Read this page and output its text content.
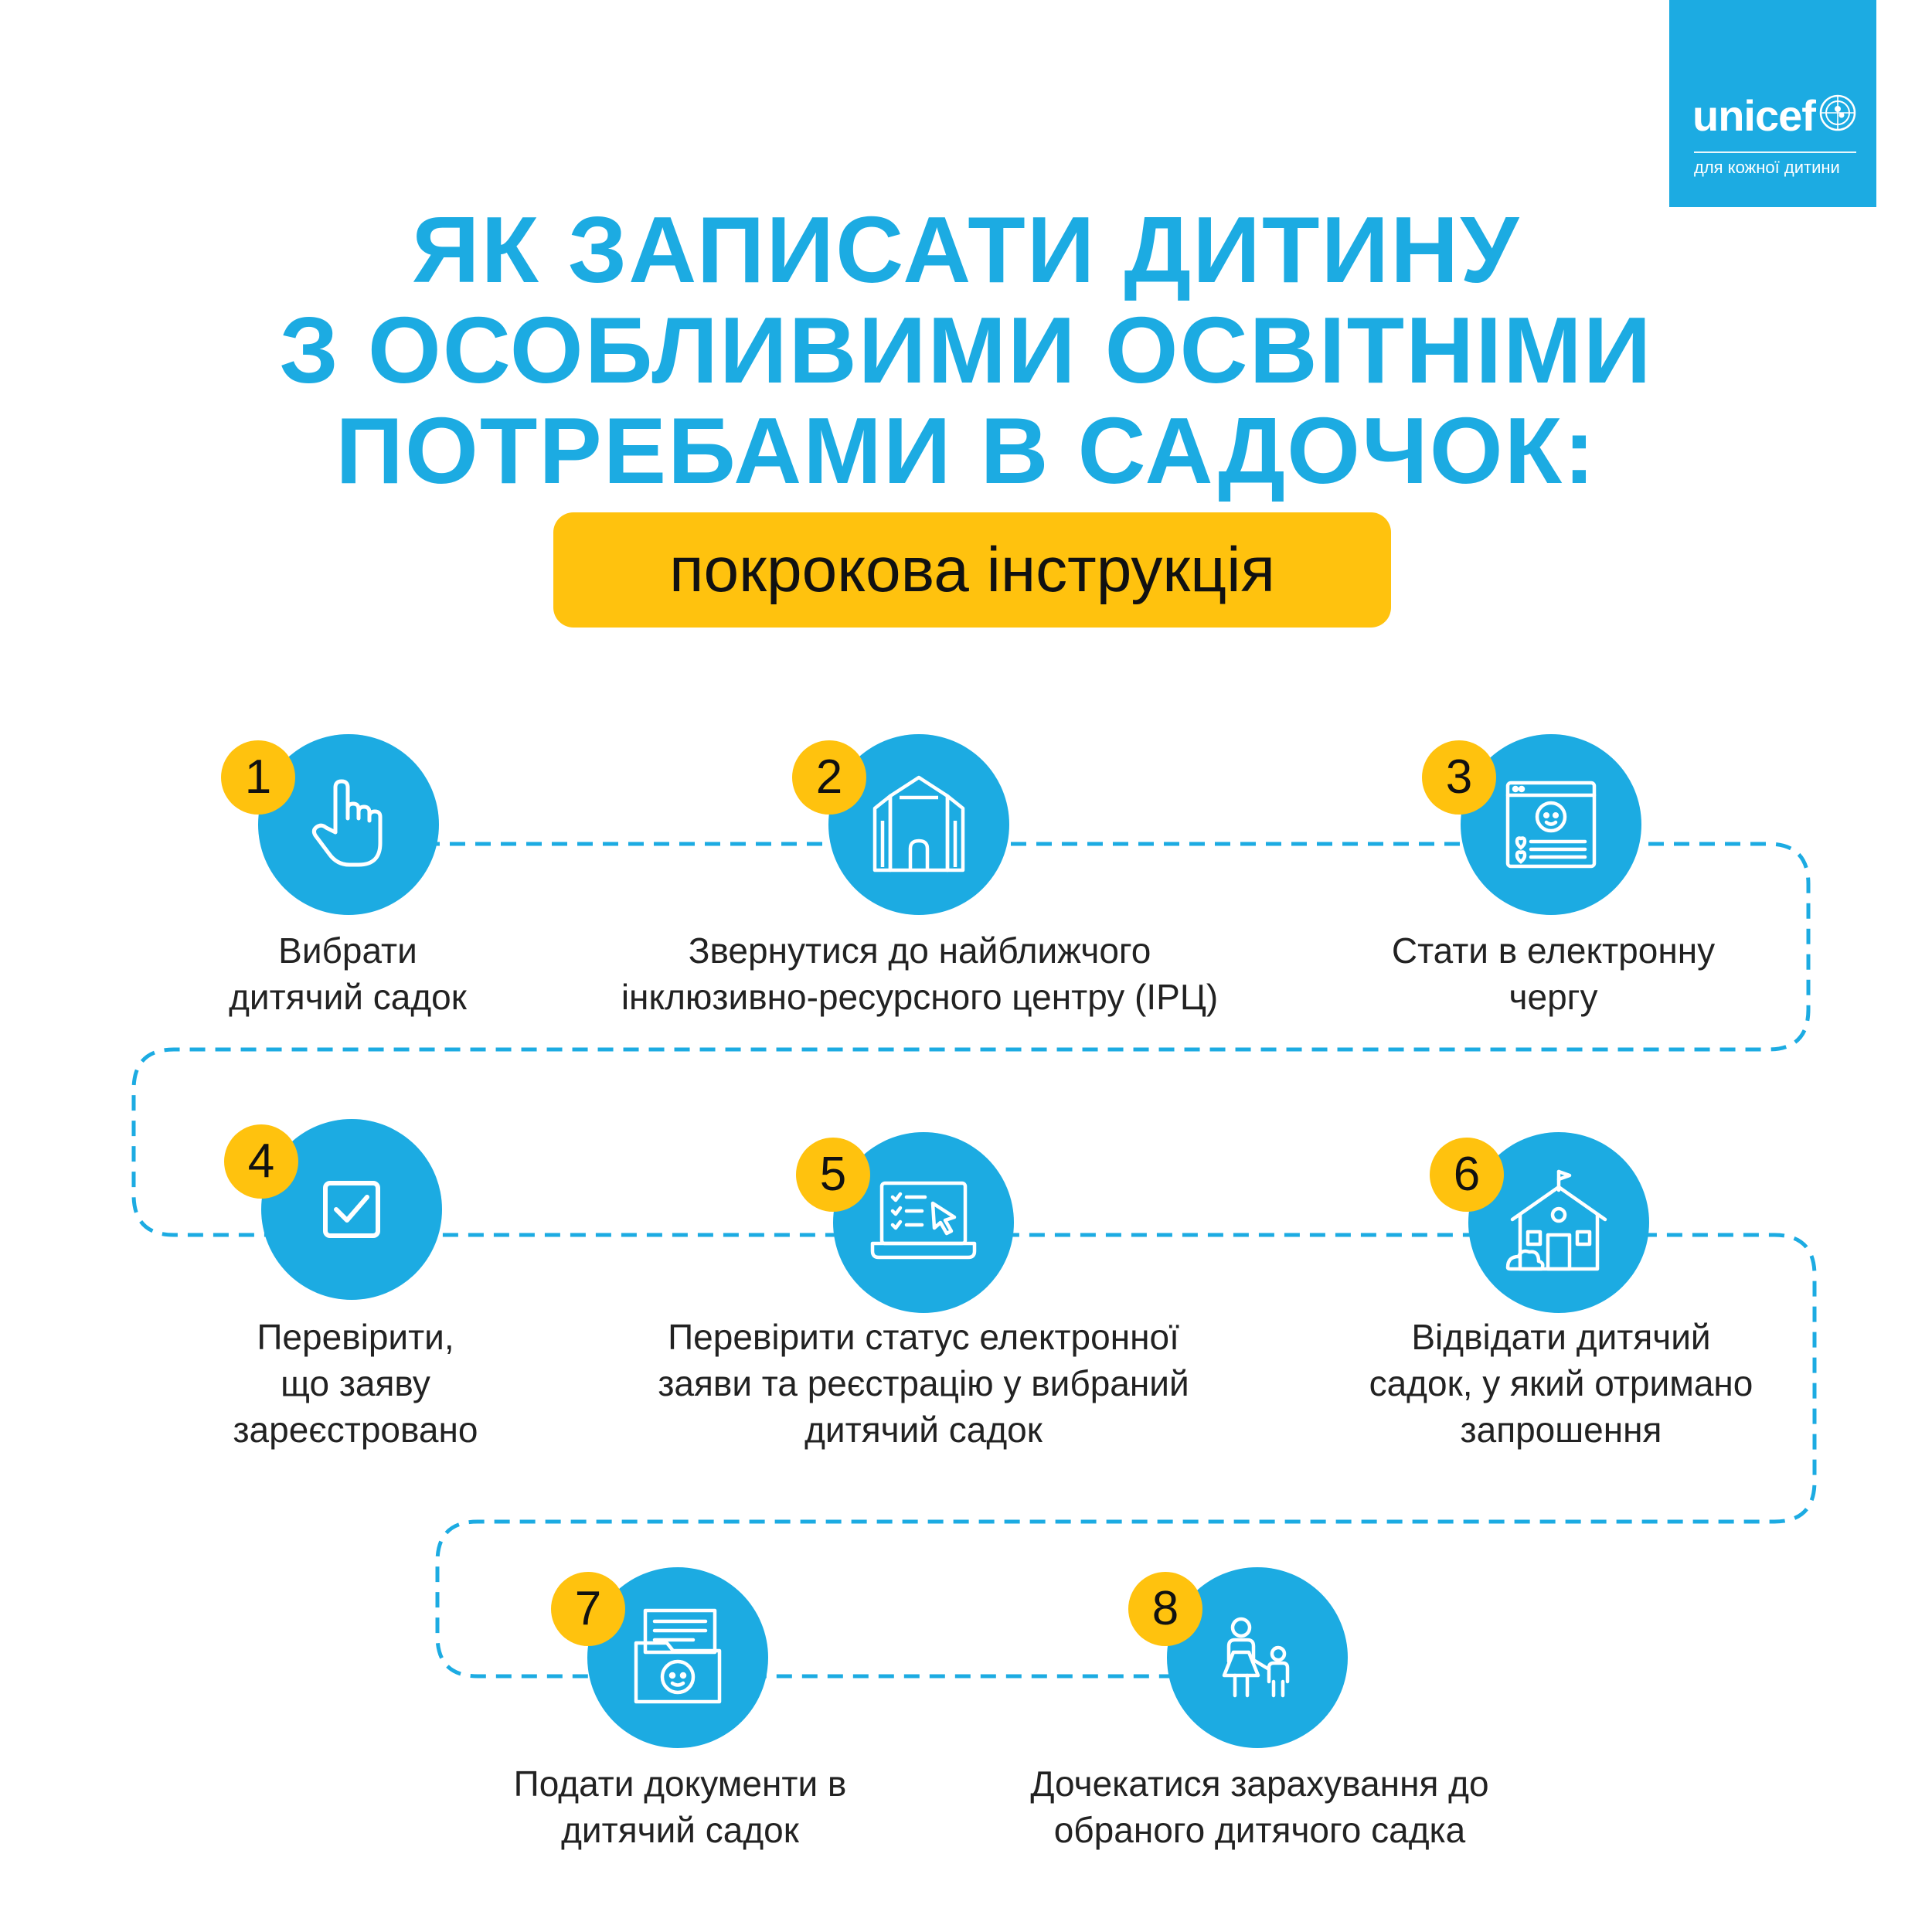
unicef
для кожної дитини
ЯК ЗАПИСАТИ ДИТИНУ
З ОСОБЛИВИМИ ОСВІТНІМИ
ПОТРЕБАМИ В САДОЧОК:
покрокова інструкція
1
Вибрати
дитячий садок
2
Звернутися до найближчого
інклюзивно-ресурсного центру (ІРЦ)
3
Стати в електронну
чергу
4
Перевірити,
що заяву
зареєстровано
5
Перевірити статус електронної
заяви та реєстрацію у вибраний
дитячий садок
6
Відвідати дитячий
садок, у який отримано
запрошення
7
Подати документи в
дитячий садок
8
Дочекатися зарахування до
обраного дитячого садка
